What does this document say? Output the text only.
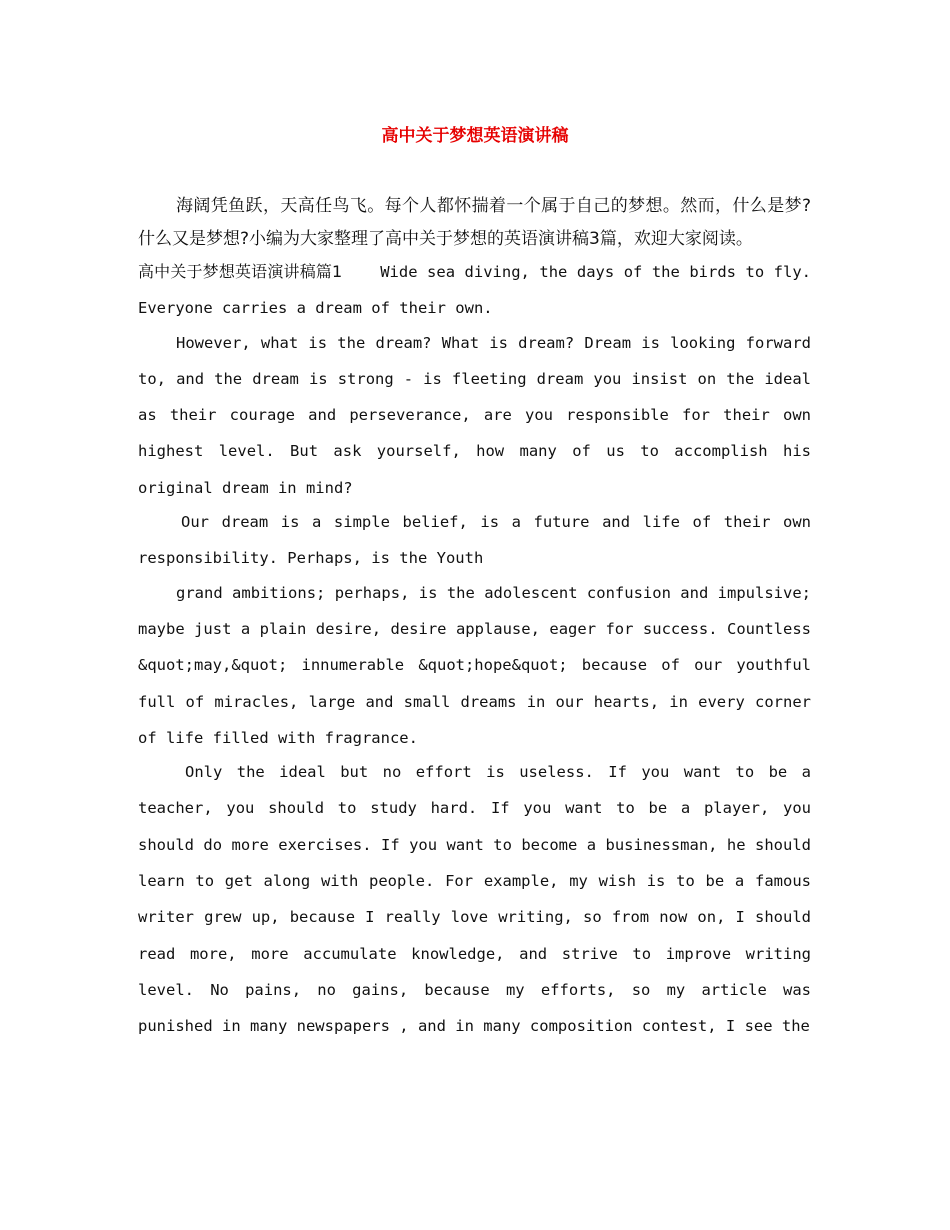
高中关于梦想英语演讲稿

海阔凭鱼跃，天高任鸟飞。每个人都怀揣着一个属于自己的梦想。然而，什么是梦?什么又是梦想?小编为大家整理了高中关于梦想的英语演讲稿3篇，欢迎大家阅读。

高中关于梦想英语演讲稿篇1 Wide sea diving, the days of the birds to fly. Everyone carries a dream of their own.

However, what is the dream? What is dream? Dream is looking forward to, and the dream is strong - is fleeting dream you insist on the ideal as their courage and perseverance, are you responsible for their own highest level. But ask yourself, how many of us to accomplish his original dream in mind?

Our dream is a simple belief, is a future and life of their own responsibility. Perhaps, is the Youth

grand ambitions; perhaps, is the adolescent confusion and impulsive; maybe just a plain desire, desire applause, eager for success. Countless &quot;may,&quot; innumerable &quot;hope&quot; because of our youthful full of miracles, large and small dreams in our hearts, in every corner of life filled with fragrance.

Only the ideal but no effort is useless. If you want to be a teacher, you should to study hard. If you want to be a player, you should do more exercises. If you want to become a businessman, he should learn to get along with people. For example, my wish is to be a famous writer grew up, because I really love writing, so from now on, I should read more, more accumulate knowledge, and strive to improve writing level. No pains, no gains, because my efforts, so my article was punished in many newspapers , and in many composition contest, I see the
